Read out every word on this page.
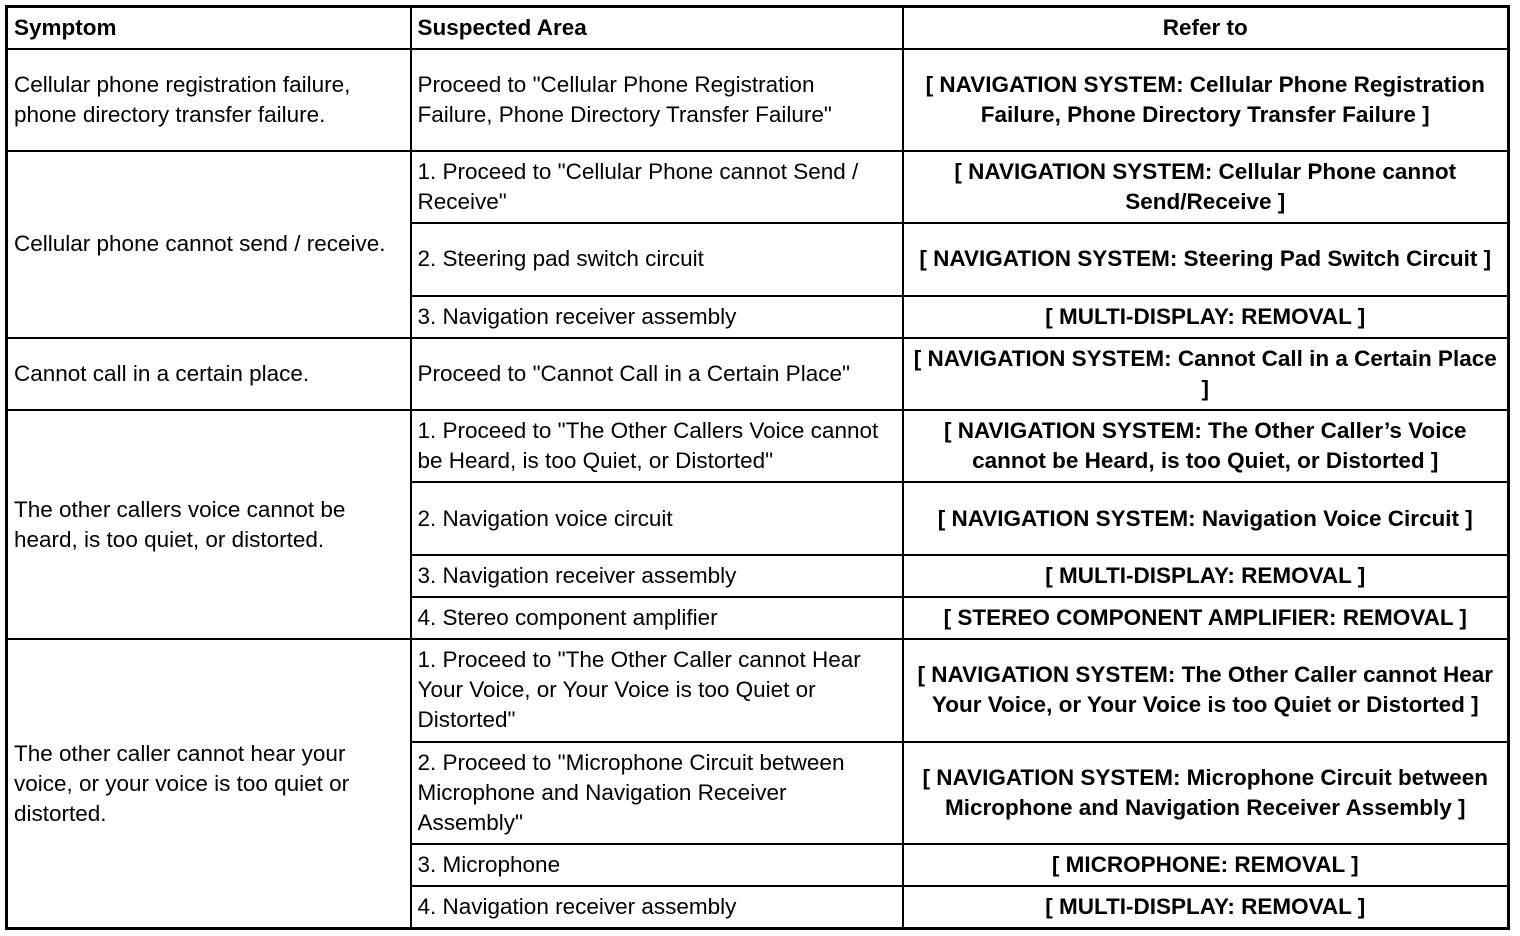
Symptom	Suspected Area	Refer to
Cellular phone registration failure, phone directory transfer failure.	Proceed to "Cellular Phone Registration Failure, Phone Directory Transfer Failure"	[ NAVIGATION SYSTEM: Cellular Phone Registration Failure, Phone Directory Transfer Failure ]
Cellular phone cannot send / receive.	1. Proceed to "Cellular Phone cannot Send / Receive"	[ NAVIGATION SYSTEM: Cellular Phone cannot Send/Receive ]
	2. Steering pad switch circuit	[ NAVIGATION SYSTEM: Steering Pad Switch Circuit ]
	3. Navigation receiver assembly	[ MULTI-DISPLAY: REMOVAL ]
Cannot call in a certain place.	Proceed to "Cannot Call in a Certain Place"	[ NAVIGATION SYSTEM: Cannot Call in a Certain Place ]
The other callers voice cannot be heard, is too quiet, or distorted.	1. Proceed to "The Other Callers Voice cannot be Heard, is too Quiet, or Distorted"	[ NAVIGATION SYSTEM: The Other Caller’s Voice cannot be Heard, is too Quiet, or Distorted ]
	2. Navigation voice circuit	[ NAVIGATION SYSTEM: Navigation Voice Circuit ]
	3. Navigation receiver assembly	[ MULTI-DISPLAY: REMOVAL ]
	4. Stereo component amplifier	[ STEREO COMPONENT AMPLIFIER: REMOVAL ]
The other caller cannot hear your voice, or your voice is too quiet or distorted.	1. Proceed to "The Other Caller cannot Hear Your Voice, or Your Voice is too Quiet or Distorted"	[ NAVIGATION SYSTEM: The Other Caller cannot Hear Your Voice, or Your Voice is too Quiet or Distorted ]
	2. Proceed to "Microphone Circuit between Microphone and Navigation Receiver Assembly"	[ NAVIGATION SYSTEM: Microphone Circuit between Microphone and Navigation Receiver Assembly ]
	3. Microphone	[ MICROPHONE: REMOVAL ]
	4. Navigation receiver assembly	[ MULTI-DISPLAY: REMOVAL ]
